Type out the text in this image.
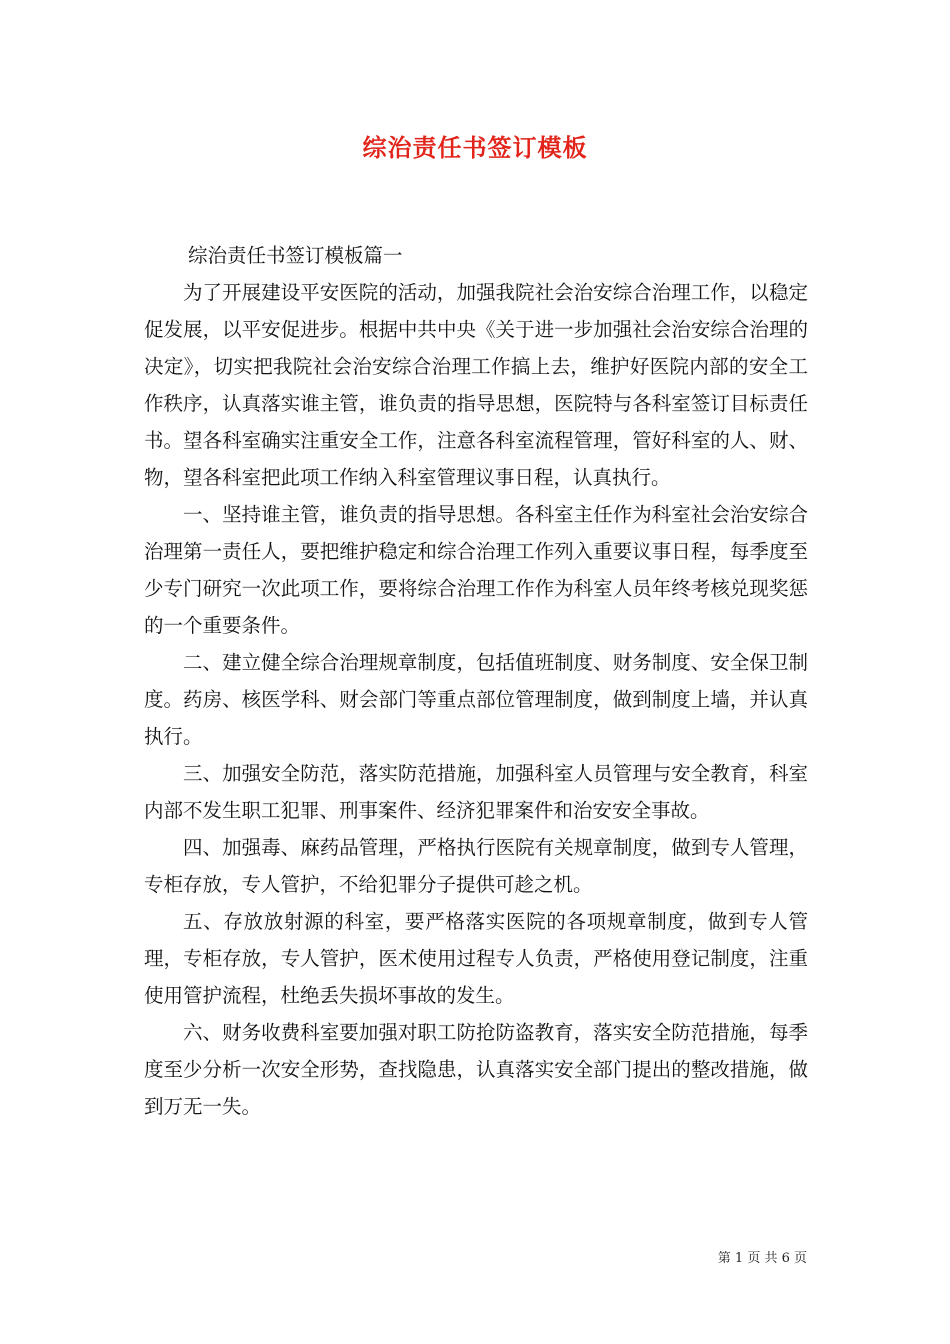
综治责任书签订模板

综治责任书签订模板篇一

为了开展建设平安医院的活动，加强我院社会治安综合治理工作，以稳定促发展，以平安促进步。根据中共中央《关于进一步加强社会治安综合治理的决定》，切实把我院社会治安综合治理工作搞上去，维护好医院内部的安全工作秩序，认真落实谁主管，谁负责的指导思想，医院特与各科室签订目标责任书。望各科室确实注重安全工作，注意各科室流程管理，管好科室的人、财、物，望各科室把此项工作纳入科室管理议事日程，认真执行。

一、坚持谁主管，谁负责的指导思想。各科室主任作为科室社会治安综合治理第一责任人，要把维护稳定和综合治理工作列入重要议事日程，每季度至少专门研究一次此项工作，要将综合治理工作作为科室人员年终考核兑现奖惩的一个重要条件。

二、建立健全综合治理规章制度，包括值班制度、财务制度、安全保卫制度。药房、核医学科、财会部门等重点部位管理制度，做到制度上墙，并认真执行。

三、加强安全防范，落实防范措施，加强科室人员管理与安全教育，科室内部不发生职工犯罪、刑事案件、经济犯罪案件和治安安全事故。

四、加强毒、麻药品管理，严格执行医院有关规章制度，做到专人管理，专柜存放，专人管护，不给犯罪分子提供可趁之机。

五、存放放射源的科室，要严格落实医院的各项规章制度，做到专人管理，专柜存放，专人管护，医术使用过程专人负责，严格使用登记制度，注重使用管护流程，杜绝丢失损坏事故的发生。

六、财务收费科室要加强对职工防抢防盗教育，落实安全防范措施，每季度至少分析一次安全形势，查找隐患，认真落实安全部门提出的整改措施，做到万无一失。

第 1 页 共 6 页
